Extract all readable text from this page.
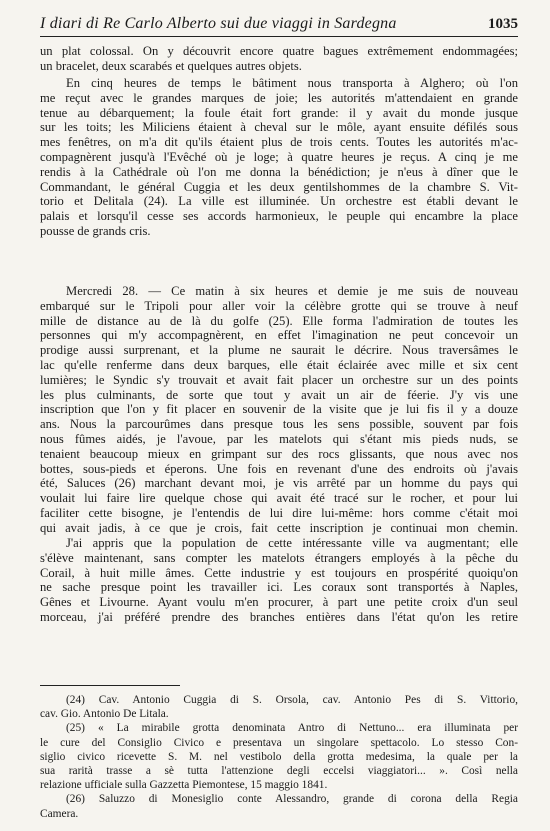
I diari di Re Carlo Alberto sui due viaggi in Sardegna	1035
un plat colossal. On y découvrit encore quatre bagues extrêmement endommagées;
un bracelet, deux scarabés et quelques autres objets.
En cinq heures de temps le bâtiment nous transporta à Alghero; où l'on
me reçut avec le grandes marques de joie; les autorités m'attendaient en grande
tenue au débarquement; la foule était fort grande: il y avait du monde jusque
sur les toits; les Miliciens étaient à cheval sur le môle, ayant ensuite défilés sous
mes fenêtres, on m'a dit qu'ils étaient plus de trois cents. Toutes les autorités m'ac-
compagnèrent jusqu'à l'Evêché où je loge; à quatre heures je reçus. A cinq je me
rendis à la Cathédrale où l'on me donna la bénédiction; je n'eus à dîner que le
Commandant, le général Cuggia et les deux gentilshommes de la chambre S. Vit-
torio et Delitala (24). La ville est illuminée. Un orchestre est établi devant le
palais et lorsqu'il cesse ses accords harmonieux, le peuple qui encambre la place
pousse de grands cris.
Mercredi 28. — Ce matin à six heures et demie je me suis de nouveau
embarqué sur le Tripoli pour aller voir la célèbre grotte qui se trouve à neuf
mille de distance au de là du golfe (25). Elle forma l'admiration de toutes les
personnes qui m'y accompagnèrent, en effet l'imagination ne peut concevoir un
prodige aussi surprenant, et la plume ne saurait le décrire. Nous traversâmes le
lac qu'elle renferme dans deux barques, elle était éclairée avec mille et six cent
lumières; le Syndic s'y trouvait et avait fait placer un orchestre sur un des points
les plus culminants, de sorte que tout y avait un air de féerie. J'y vis une
inscription que l'on y fit placer en souvenir de la visite que je lui fis il y a douze
ans. Nous la parcourûmes dans presque tous les sens possible, souvent par fois
nous fûmes aidés, je l'avoue, par les matelots qui s'étant mis pieds nuds, se
tenaient beaucoup mieux en grimpant sur des rocs glissants, que nous avec nos
bottes, sous-pieds et éperons. Une fois en revenant d'une des endroits où j'avais
été, Saluces (26) marchant devant moi, je vis arrêté par un homme du pays qui
voulait lui faire lire quelque chose qui avait été tracé sur le rocher, et pour lui
faciliter cette bisogne, je l'entendis de lui dire lui-même: hors comme c'était moi
qui avait jadis, à ce que je crois, fait cette inscription je continuai mon chemin.
J'ai appris que la population de cette intéressante ville va augmentant; elle
s'élève maintenant, sans compter les matelots étrangers employés à la pêche du
Corail, à huit mille âmes. Cette industrie y est toujours en prospérité quoiqu'on
ne sache presque point les travailler ici. Les coraux sont transportés à Naples,
Gênes et Livourne. Ayant voulu m'en procurer, à part une petite croix d'un seul
morceau, j'ai préféré prendre des branches entières dans l'état qu'on les retire
(24) Cav. Antonio Cuggia di S. Orsola, cav. Antonio Pes di S. Vittorio,
cav. Gio. Antonio De Litala.
(25) « La mirabile grotta denominata Antro di Nettuno... era illuminata per
le cure del Consiglio Civico e presentava un singolare spettacolo. Lo stesso Con-
siglio civico ricevette S. M. nel vestibolo della grotta medesima, la quale per la
sua rarità trasse a sè tutta l'attenzione degli eccelsi viaggiatori... ». Così nella
relazione ufficiale sulla Gazzetta Piemontese, 15 maggio 1841.
(26) Saluzzo di Monesiglio conte Alessandro, grande di corona della Regia
Camera.
